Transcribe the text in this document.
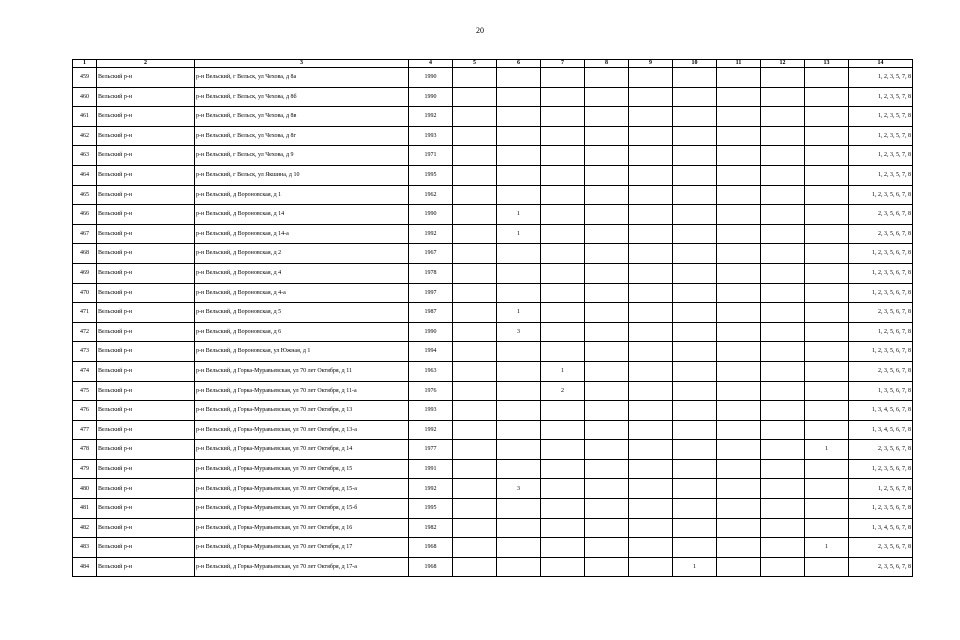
20
1	2	3	4	5	6	7	8	9	10	11	12	13	14
459	Вельский р-н	р-н Вельский, г Вельск, ул Чехова, д 8а	1990										1, 2, 3, 5, 7, 8
460	Вельский р-н	р-н Вельский, г Вельск, ул Чехова, д 8б	1990										1, 2, 3, 5, 7, 8
461	Вельский р-н	р-н Вельский, г Вельск, ул Чехова, д 8в	1992										1, 2, 3, 5, 7, 8
462	Вельский р-н	р-н Вельский, г Вельск, ул Чехова, д 8г	1993										1, 2, 3, 5, 7, 8
463	Вельский р-н	р-н Вельский, г Вельск, ул Чехова, д 9	1971										1, 2, 3, 5, 7, 8
464	Вельский р-н	р-н Вельский, г Вельск, ул Якшина, д 10	1995										1, 2, 3, 5, 7, 8
465	Вельский р-н	р-н Вельский, д Вороновская, д 1	1962										1, 2, 3, 5, 6, 7, 8
466	Вельский р-н	р-н Вельский, д Вороновская, д 14	1990		1								2, 3, 5, 6, 7, 8
467	Вельский р-н	р-н Вельский, д Вороновская, д 14-а	1992		1								2, 3, 5, 6, 7, 8
468	Вельский р-н	р-н Вельский, д Вороновская, д 2	1967										1, 2, 3, 5, 6, 7, 8
469	Вельский р-н	р-н Вельский, д Вороновская, д 4	1978										1, 2, 3, 5, 6, 7, 8
470	Вельский р-н	р-н Вельский, д Вороновская, д 4-а	1997										1, 2, 3, 5, 6, 7, 8
471	Вельский р-н	р-н Вельский, д Вороновская, д 5	1987		1								2, 3, 5, 6, 7, 8
472	Вельский р-н	р-н Вельский, д Вороновская, д 6	1990		3								1, 2, 5, 6, 7, 8
473	Вельский р-н	р-н Вельский, д Вороновская, ул Южная, д 1	1994										1, 2, 3, 5, 6, 7, 8
474	Вельский р-н	р-н Вельский, д Горка-Муравьевская, ул 70 лет Октября, д 11	1963			1							2, 3, 5, 6, 7, 8
475	Вельский р-н	р-н Вельский, д Горка-Муравьевская, ул 70 лет Октября, д 11-а	1976			2							1, 3, 5, 6, 7, 8
476	Вельский р-н	р-н Вельский, д Горка-Муравьевская, ул 70 лет Октября, д 13	1993										1, 3, 4, 5, 6, 7, 8
477	Вельский р-н	р-н Вельский, д Горка-Муравьевская, ул 70 лет Октября, д 13-а	1992										1, 3, 4, 5, 6, 7, 8
478	Вельский р-н	р-н Вельский, д Горка-Муравьевская, ул 70 лет Октября, д 14	1977									1	2, 3, 5, 6, 7, 8
479	Вельский р-н	р-н Вельский, д Горка-Муравьевская, ул 70 лет Октября, д 15	1991										1, 2, 3, 5, 6, 7, 8
480	Вельский р-н	р-н Вельский, д Горка-Муравьевская, ул 70 лет Октября, д 15-а	1992		3								1, 2, 5, 6, 7, 8
481	Вельский р-н	р-н Вельский, д Горка-Муравьевская, ул 70 лет Октября, д 15-б	1995										1, 2, 3, 5, 6, 7, 8
482	Вельский р-н	р-н Вельский, д Горка-Муравьевская, ул 70 лет Октября, д 16	1982										1, 3, 4, 5, 6, 7, 8
483	Вельский р-н	р-н Вельский, д Горка-Муравьевская, ул 70 лет Октября, д 17	1968									1	2, 3, 5, 6, 7, 8
484	Вельский р-н	р-н Вельский, д Горка-Муравьевская, ул 70 лет Октября, д 17-а	1968						1				2, 3, 5, 6, 7, 8
